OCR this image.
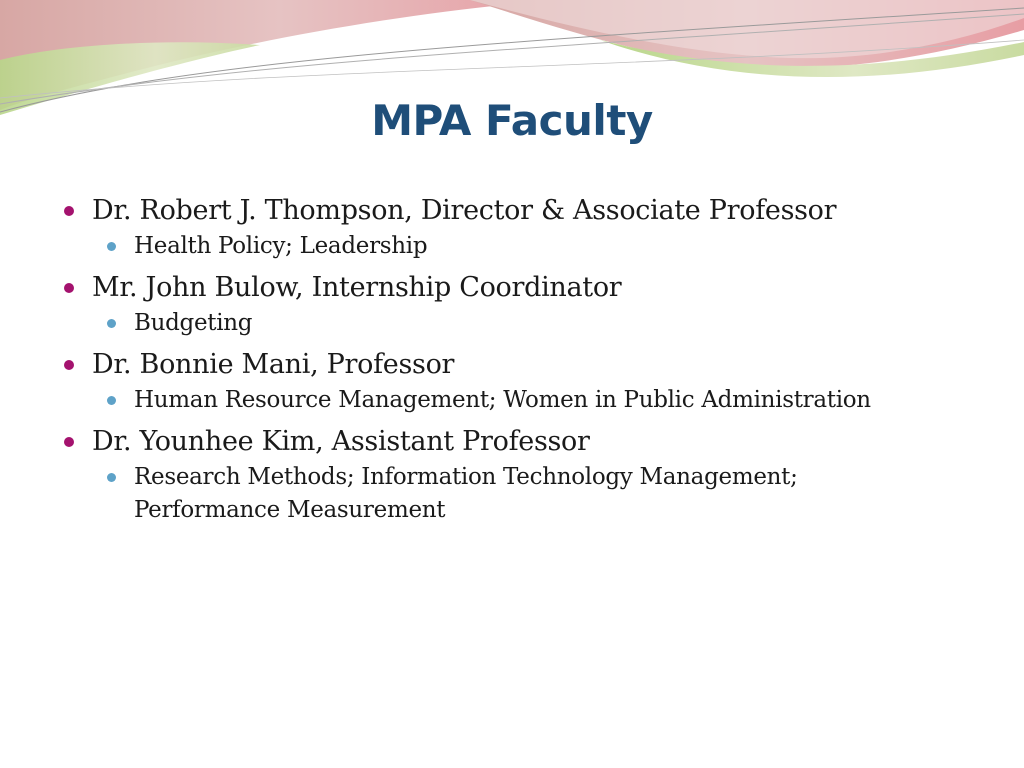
MPA Faculty
Dr. Robert J. Thompson, Director & Associate Professor
Health Policy; Leadership
Mr. John Bulow, Internship Coordinator
Budgeting
Dr. Bonnie Mani, Professor
Human Resource Management; Women in Public Administration
Dr. Younhee Kim, Assistant Professor
Research Methods; Information Technology Management; Performance Measurement
